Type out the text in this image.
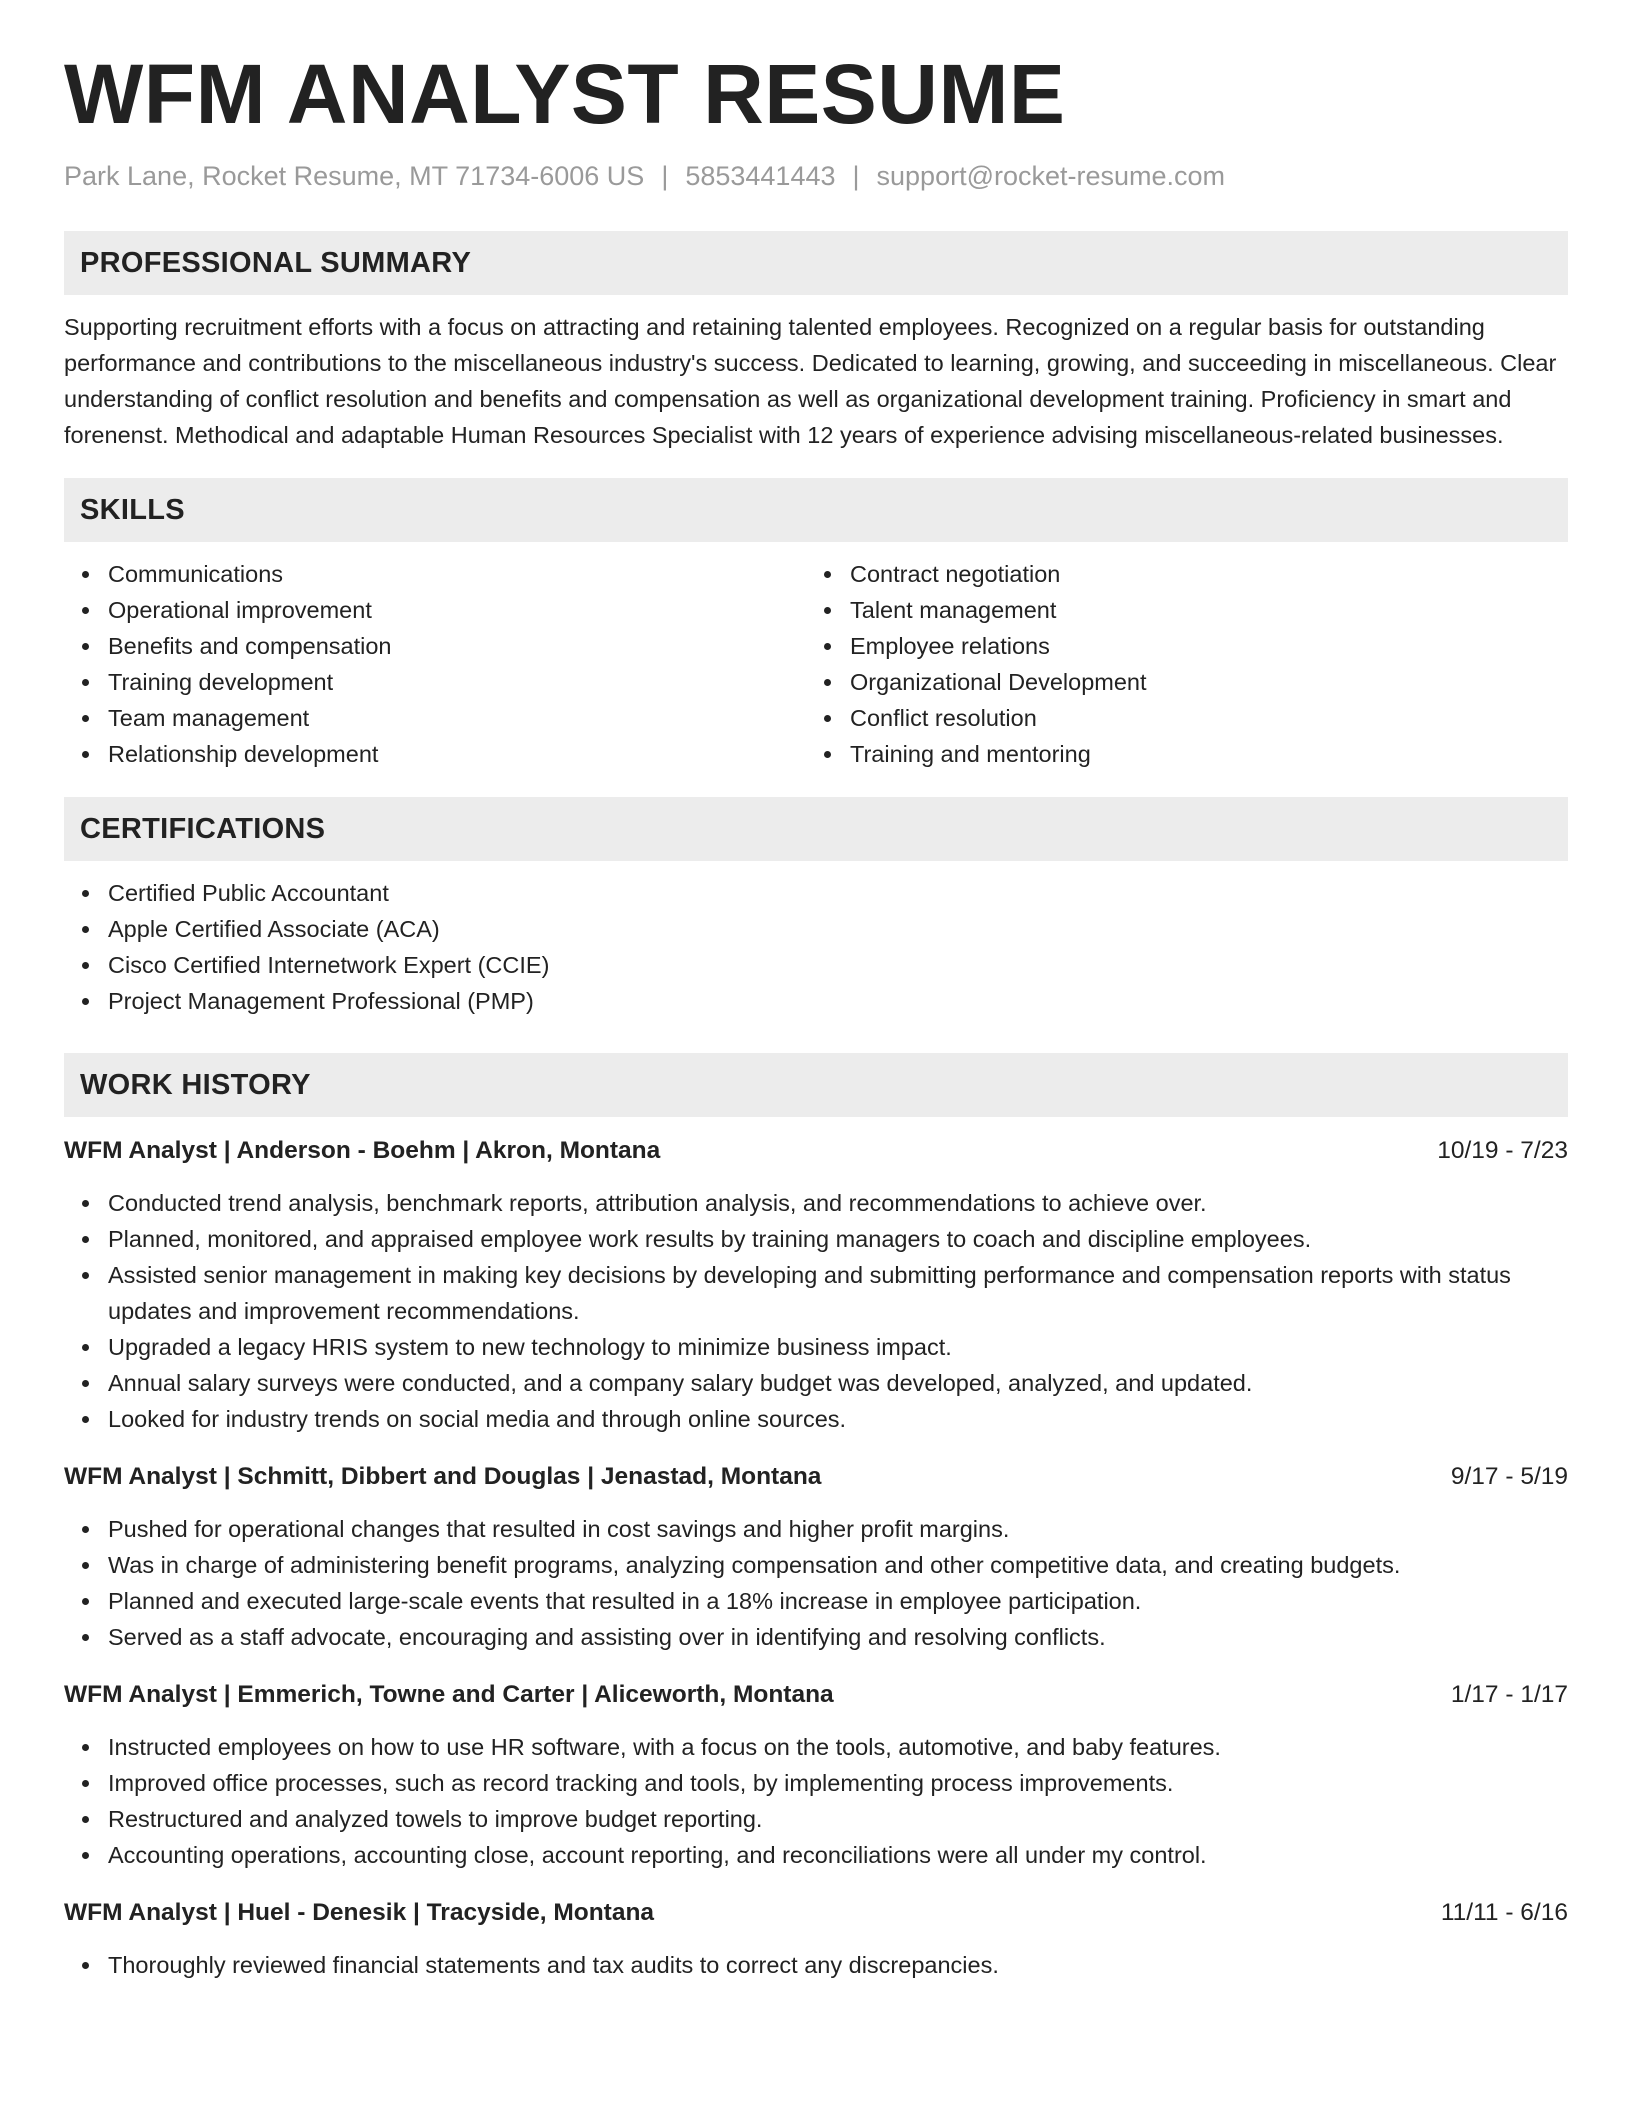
WFM ANALYST RESUME
Park Lane, Rocket Resume, MT 71734-6006 US | 5853441443 | support@rocket-resume.com
PROFESSIONAL SUMMARY
Supporting recruitment efforts with a focus on attracting and retaining talented employees. Recognized on a regular basis for outstanding performance and contributions to the miscellaneous industry's success. Dedicated to learning, growing, and succeeding in miscellaneous. Clear understanding of conflict resolution and benefits and compensation as well as organizational development training. Proficiency in smart and forenenst. Methodical and adaptable Human Resources Specialist with 12 years of experience advising miscellaneous-related businesses.
SKILLS
Communications
Operational improvement
Benefits and compensation
Training development
Team management
Relationship development
Contract negotiation
Talent management
Employee relations
Organizational Development
Conflict resolution
Training and mentoring
CERTIFICATIONS
Certified Public Accountant
Apple Certified Associate (ACA)
Cisco Certified Internetwork Expert (CCIE)
Project Management Professional (PMP)
WORK HISTORY
WFM Analyst | Anderson - Boehm | Akron, Montana	10/19 - 7/23
Conducted trend analysis, benchmark reports, attribution analysis, and recommendations to achieve over.
Planned, monitored, and appraised employee work results by training managers to coach and discipline employees.
Assisted senior management in making key decisions by developing and submitting performance and compensation reports with status updates and improvement recommendations.
Upgraded a legacy HRIS system to new technology to minimize business impact.
Annual salary surveys were conducted, and a company salary budget was developed, analyzed, and updated.
Looked for industry trends on social media and through online sources.
WFM Analyst | Schmitt, Dibbert and Douglas | Jenastad, Montana	9/17 - 5/19
Pushed for operational changes that resulted in cost savings and higher profit margins.
Was in charge of administering benefit programs, analyzing compensation and other competitive data, and creating budgets.
Planned and executed large-scale events that resulted in a 18% increase in employee participation.
Served as a staff advocate, encouraging and assisting over in identifying and resolving conflicts.
WFM Analyst | Emmerich, Towne and Carter | Aliceworth, Montana	1/17 - 1/17
Instructed employees on how to use HR software, with a focus on the tools, automotive, and baby features.
Improved office processes, such as record tracking and tools, by implementing process improvements.
Restructured and analyzed towels to improve budget reporting.
Accounting operations, accounting close, account reporting, and reconciliations were all under my control.
WFM Analyst | Huel - Denesik | Tracyside, Montana	11/11 - 6/16
Thoroughly reviewed financial statements and tax audits to correct any discrepancies.
